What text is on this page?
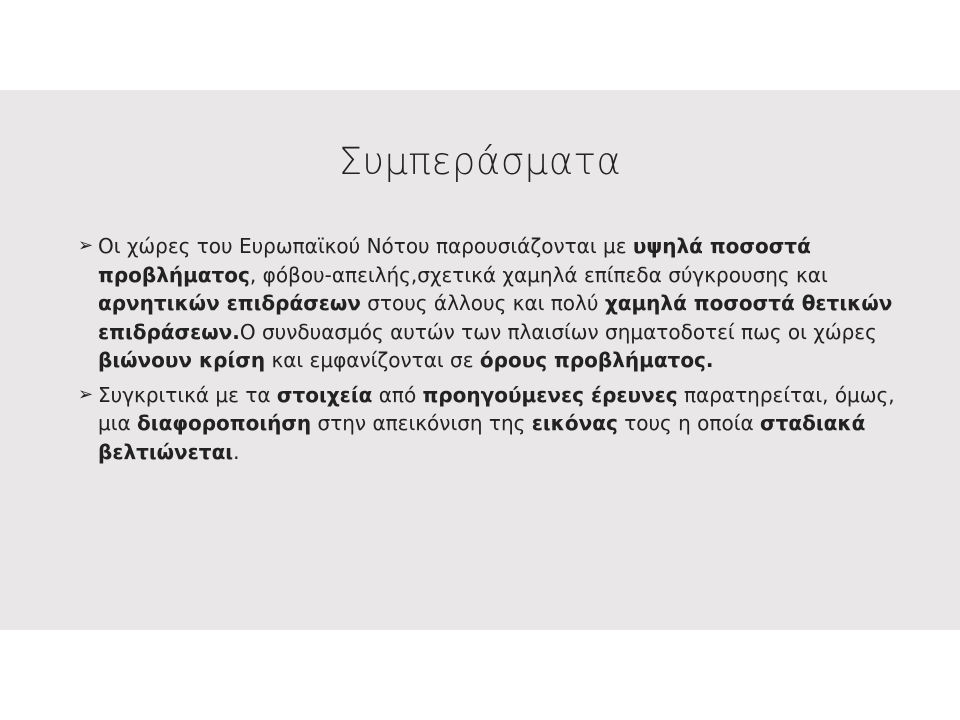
Συμπεράσματα
➢ Οι χώρες του Ευρωπαϊκού Νότου παρουσιάζονται με υψηλά ποσοστά προβλήματος, φόβου-απειλής,σχετικά χαμηλά επίπεδα σύγκρουσης και αρνητικών επιδράσεων στους άλλους και πολύ χαμηλά ποσοστά θετικών επιδράσεων.Ο συνδυασμός αυτών των πλαισίων σηματοδοτεί πως οι χώρες βιώνουν κρίση και εμφανίζονται σε όρους προβλήματος.
➢ Συγκριτικά με τα στοιχεία από προηγούμενες έρευνες παρατηρείται, όμως, μια διαφοροποιήση στην απεικόνιση της εικόνας τους η οποία σταδιακά βελτιώνεται.
